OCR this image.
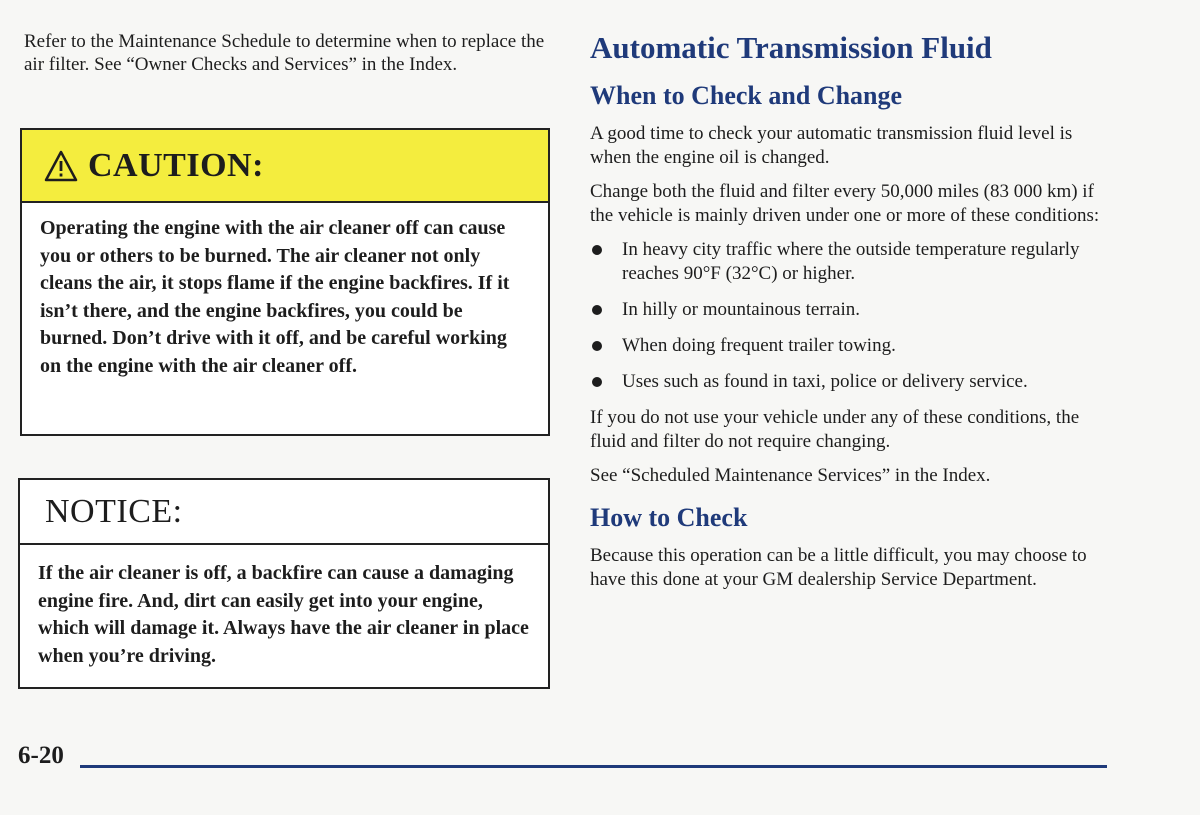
Refer to the Maintenance Schedule to determine when to replace the air filter. See “Owner Checks and Services” in the Index.

CAUTION:
Operating the engine with the air cleaner off can cause you or others to be burned. The air cleaner not only cleans the air, it stops flame if the engine backfires. If it isn’t there, and the engine backfires, you could be burned. Don’t drive with it off, and be careful working on the engine with the air cleaner off.
NOTICE:
If the air cleaner is off, a backfire can cause a damaging engine fire. And, dirt can easily get into your engine, which will damage it. Always have the air cleaner in place when you’re driving.
Automatic Transmission Fluid
When to Check and Change

A good time to check your automatic transmission fluid level is when the engine oil is changed.

Change both the fluid and filter every 50,000 miles (83 000 km) if the vehicle is mainly driven under one or more of these conditions:

In heavy city traffic where the outside temperature regularly reaches 90°F (32°C) or higher.
In hilly or mountainous terrain.
When doing frequent trailer towing.
Uses such as found in taxi, police or delivery service.

If you do not use your vehicle under any of these conditions, the fluid and filter do not require changing.

See “Scheduled Maintenance Services” in the Index.

How to Check

Because this operation can be a little difficult, you may choose to have this done at your GM dealership Service Department.

6-20
